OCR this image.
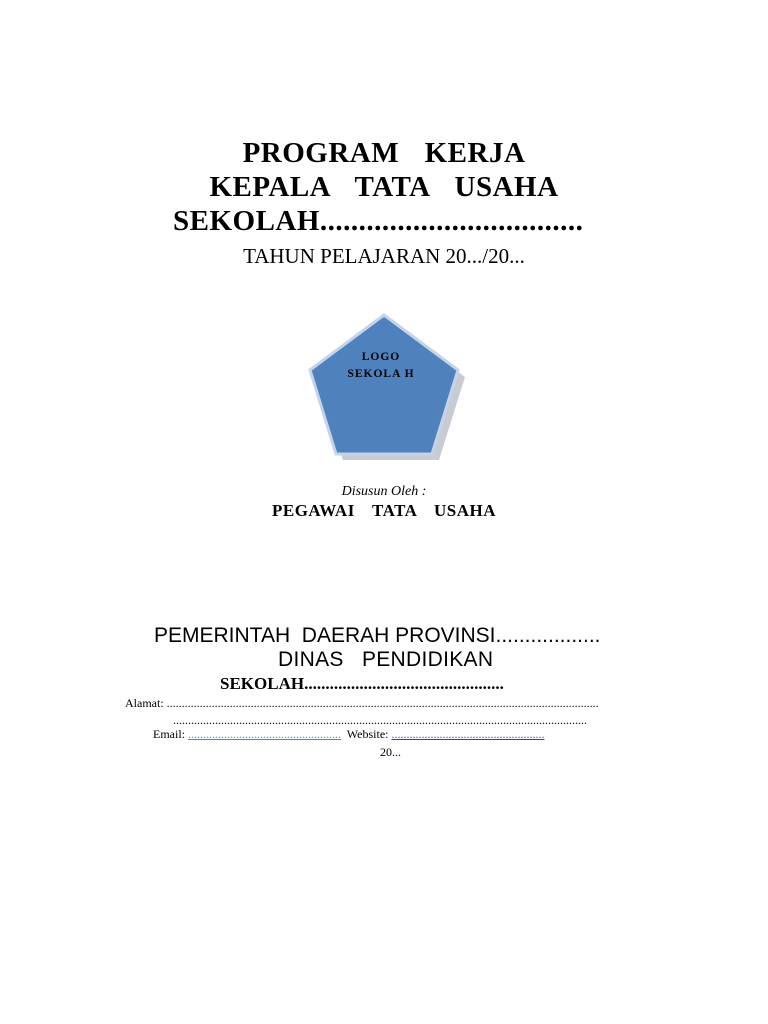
PROGRAM  KERJA
KEPALA  TATA  USAHA
SEKOLAH..................................
TAHUN PELAJARAN 20.../20...
LOGO SEKOLA H
Disusun Oleh :
PEGAWAI  TATA  USAHA
PEMERINTAH  DAERAH PROVINSI..................
DINAS  PENDIDIKAN
SEKOLAH...............................................
Alamat: ................................................................................................................................................
..........................................................................................................................................
Email: ...................................................  Website: ...................................................
20...
